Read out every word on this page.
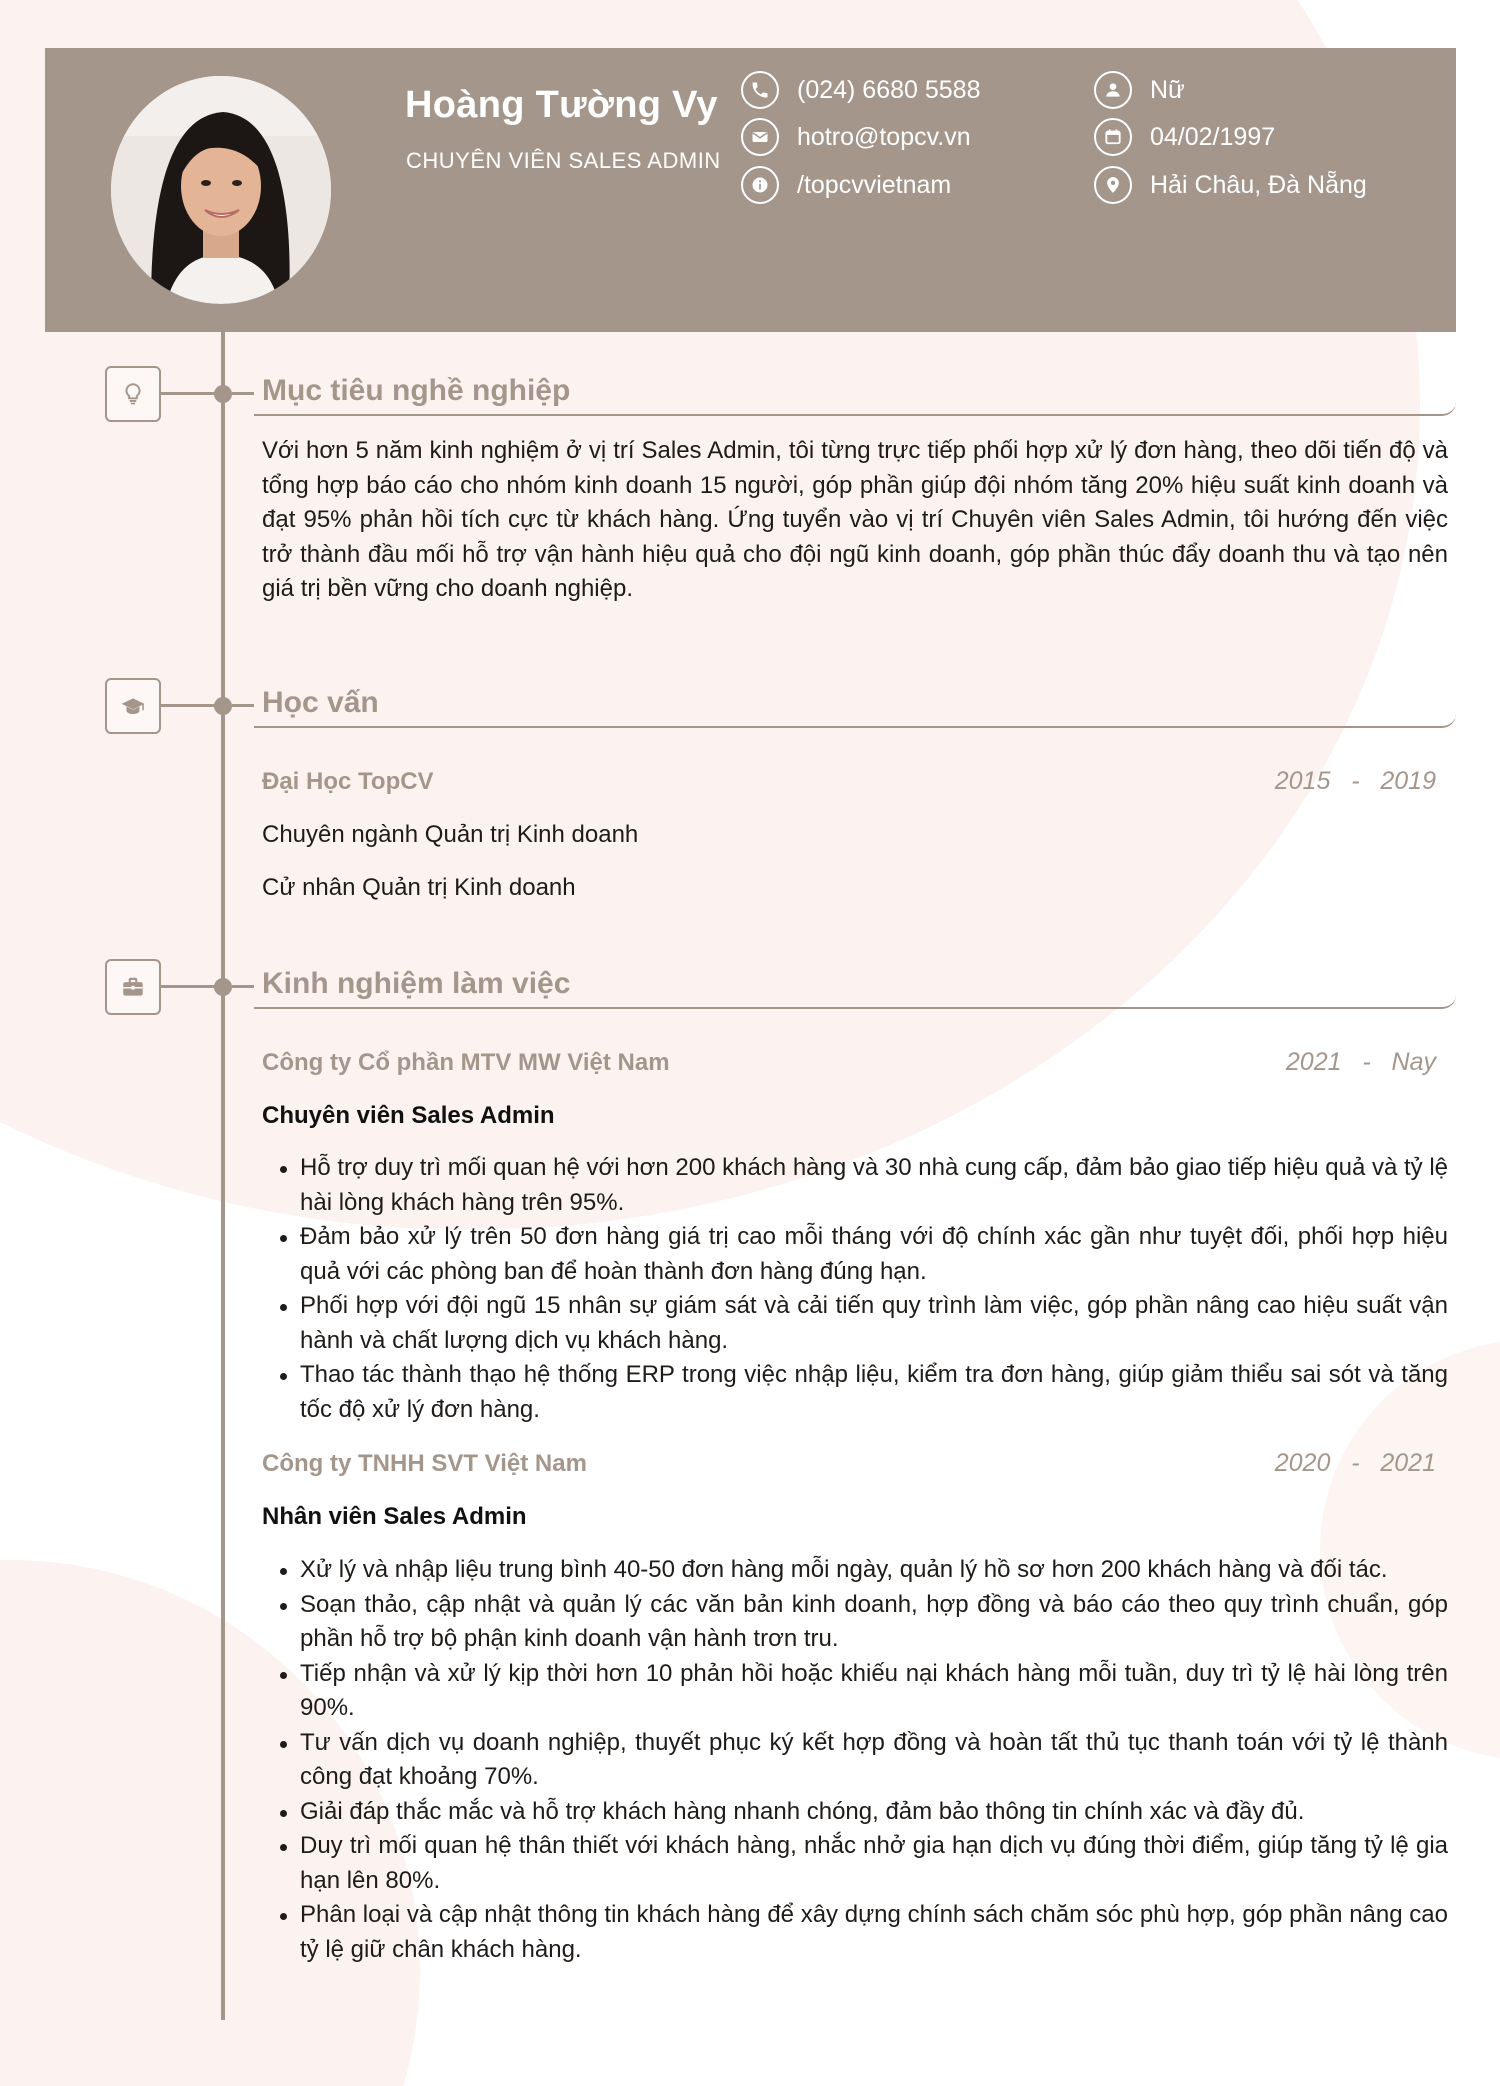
Hoàng Tường Vy
CHUYÊN VIÊN SALES ADMIN
(024) 6680 5588
hotro@topcv.vn
/topcvvietnam
Nữ
04/02/1997
Hải Châu, Đà Nẵng
Mục tiêu nghề nghiệp
Với hơn 5 năm kinh nghiệm ở vị trí Sales Admin, tôi từng trực tiếp phối hợp xử lý đơn hàng, theo dõi tiến độ và tổng hợp báo cáo cho nhóm kinh doanh 15 người, góp phần giúp đội nhóm tăng 20% hiệu suất kinh doanh và đạt 95% phản hồi tích cực từ khách hàng. Ứng tuyển vào vị trí Chuyên viên Sales Admin, tôi hướng đến việc trở thành đầu mối hỗ trợ vận hành hiệu quả cho đội ngũ kinh doanh, góp phần thúc đẩy doanh thu và tạo nên giá trị bền vững cho doanh nghiệp.
Học vấn
Đại Học TopCV	2015   -   2019
Chuyên ngành Quản trị Kinh doanh
Cử nhân Quản trị Kinh doanh
Kinh nghiệm làm việc
Công ty Cổ phần MTV MW Việt Nam	2021   -   Nay
Chuyên viên Sales Admin
Hỗ trợ duy trì mối quan hệ với hơn 200 khách hàng và 30 nhà cung cấp, đảm bảo giao tiếp hiệu quả và tỷ lệ hài lòng khách hàng trên 95%.
Đảm bảo xử lý trên 50 đơn hàng giá trị cao mỗi tháng với độ chính xác gần như tuyệt đối, phối hợp hiệu quả với các phòng ban để hoàn thành đơn hàng đúng hạn.
Phối hợp với đội ngũ 15 nhân sự giám sát và cải tiến quy trình làm việc, góp phần nâng cao hiệu suất vận hành và chất lượng dịch vụ khách hàng.
Thao tác thành thạo hệ thống ERP trong việc nhập liệu, kiểm tra đơn hàng, giúp giảm thiểu sai sót và tăng tốc độ xử lý đơn hàng.
Công ty TNHH SVT Việt Nam	2020   -   2021
Nhân viên Sales Admin
Xử lý và nhập liệu trung bình 40-50 đơn hàng mỗi ngày, quản lý hồ sơ hơn 200 khách hàng và đối tác.
Soạn thảo, cập nhật và quản lý các văn bản kinh doanh, hợp đồng và báo cáo theo quy trình chuẩn, góp phần hỗ trợ bộ phận kinh doanh vận hành trơn tru.
Tiếp nhận và xử lý kịp thời hơn 10 phản hồi hoặc khiếu nại khách hàng mỗi tuần, duy trì tỷ lệ hài lòng trên 90%.
Tư vấn dịch vụ doanh nghiệp, thuyết phục ký kết hợp đồng và hoàn tất thủ tục thanh toán với tỷ lệ thành công đạt khoảng 70%.
Giải đáp thắc mắc và hỗ trợ khách hàng nhanh chóng, đảm bảo thông tin chính xác và đầy đủ.
Duy trì mối quan hệ thân thiết với khách hàng, nhắc nhở gia hạn dịch vụ đúng thời điểm, giúp tăng tỷ lệ gia hạn lên 80%.
Phân loại và cập nhật thông tin khách hàng để xây dựng chính sách chăm sóc phù hợp, góp phần nâng cao tỷ lệ giữ chân khách hàng.
